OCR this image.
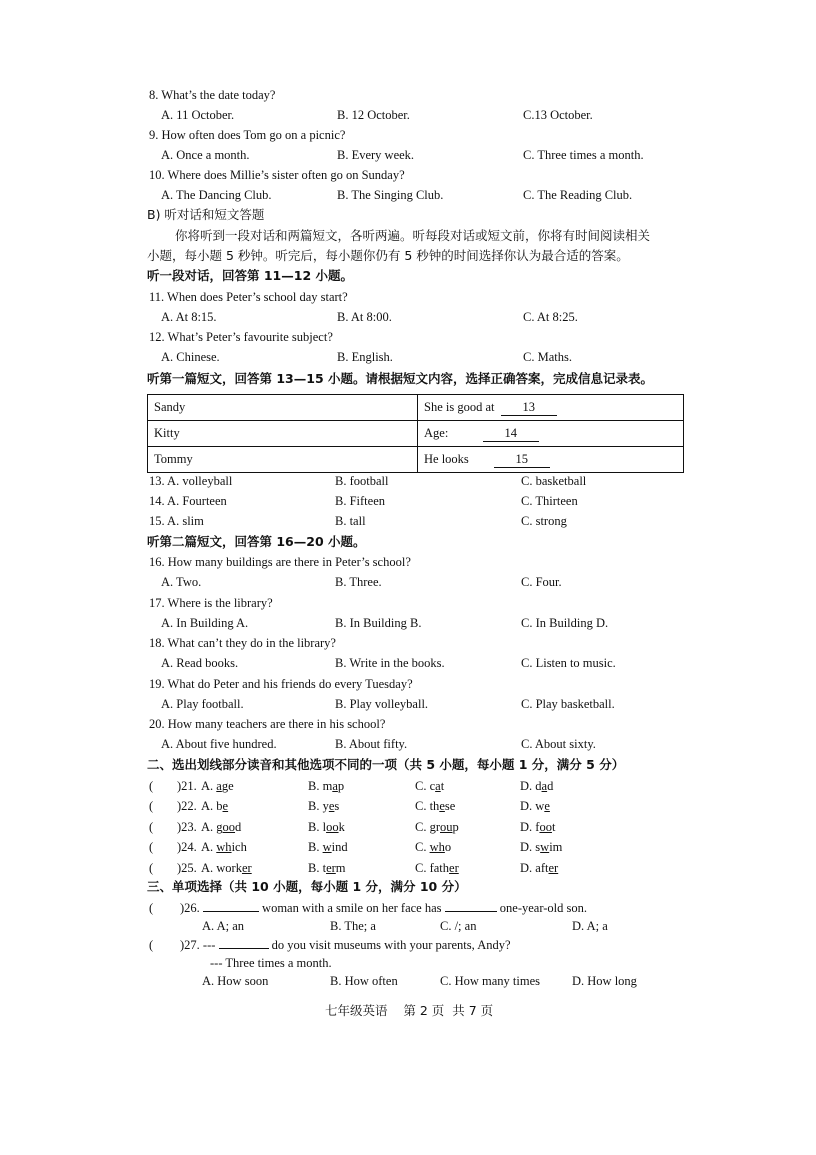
8. What’s the date today?
A. 11 October.	B. 12 October.	C.13 October.
9. How often does Tom go on a picnic?
A. Once a month.	B. Every week.	C. Three times a month.
10. Where does Millie’s sister often go on Sunday?
A. The Dancing Club.	B. The Singing Club.	C. The Reading Club.
B) 听对话和短文答题
你将听到一段对话和两篇短文，各听两遍。听每段对话或短文前，你将有时间阅读相关
小题，每小题 5 秒钟。听完后，每小题你仍有 5 秒钟的时间选择你认为最合适的答案。
听一段对话，回答第 11—12 小题。
11. When does Peter’s school day start?
A. At 8:15.	B. At 8:00.	C. At 8:25.
12. What’s Peter’s favourite subject?
A. Chinese.	B. English.	C. Maths.
听第一篇短文，回答第 13—15 小题。请根据短文内容，选择正确答案，完成信息记录表。
Sandy	She is good at 13
Kitty	Age: 14
Tommy	He looks 15
13. A. volleyball	B. football	C. basketball
14. A. Fourteen	B. Fifteen	C. Thirteen
15. A. slim	B. tall	C. strong
听第二篇短文，回答第 16—20 小题。
16. How many buildings are there in Peter’s school?
A. Two.	B. Three.	C. Four.
17. Where is the library?
A. In Building A.	B. In Building B.	C. In Building D.
18. What can’t they do in the library?
A. Read books.	B. Write in the books.	C. Listen to music.
19. What do Peter and his friends do every Tuesday?
A. Play football.	B. Play volleyball.	C. Play basketball.
20. How many teachers are there in his school?
A. About five hundred.	B. About fifty.	C. About sixty.
二、选出划线部分读音和其他选项不同的一项（共 5 小题，每小题 1 分，满分 5 分）
( )21. A. age	B. map	C. cat	D. dad
( )22. A. be	B. yes	C. these	D. we
( )23. A. good	B. look	C. group	D. foot
( )24. A. which	B. wind	C. who	D. swim
( )25. A. worker	B. term	C. father	D. after
三、单项选择（共 10 小题，每小题 1 分，满分 10 分）
( )26.	woman with a smile on her face has	one-year-old son.
A. A; an	B. The; a	C. /; an	D. A; a
( )27. ---	do you visit museums with your parents, Andy?
--- Three times a month.
A. How soon	B. How often	C. How many times	D. How long
七年级英语    第 2 页  共 7 页
